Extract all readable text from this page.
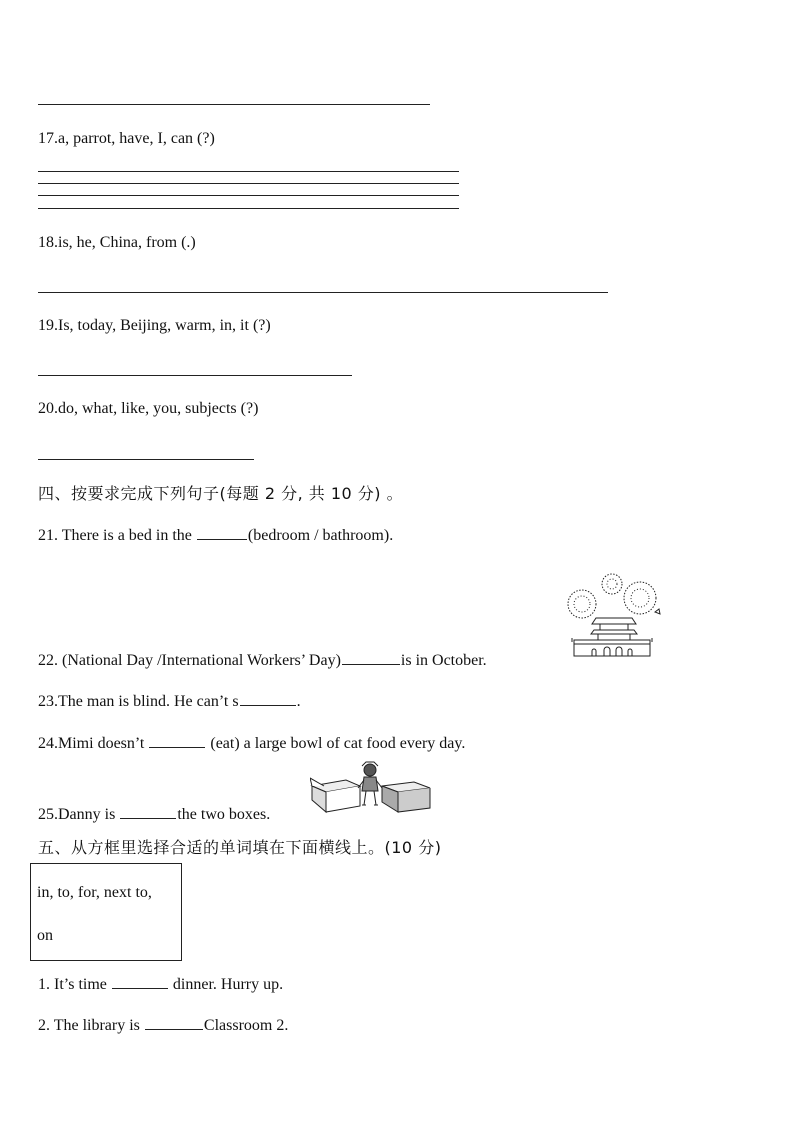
17.a, parrot, have, I, can (?)
18.is, he, China, from (.)
19.Is, today, Beijing, warm, in, it (?)
20.do, what, like, you, subjects (?)
四、按要求完成下列句子(每题 2 分, 共 10 分) 。
21. There is a bed in the	(bedroom / bathroom).
22. (National Day /International Workers’ Day)	is in October.
23.The man is blind. He can’t s	.
24.Mimi doesn’t	(eat) a large bowl of cat food every day.
25.Danny is	the two boxes.
五、从方框里选择合适的单词填在下面横线上。(10 分)
in, to, for, next to,
on
1. It’s time	dinner. Hurry up.
2. The library is	Classroom 2.
